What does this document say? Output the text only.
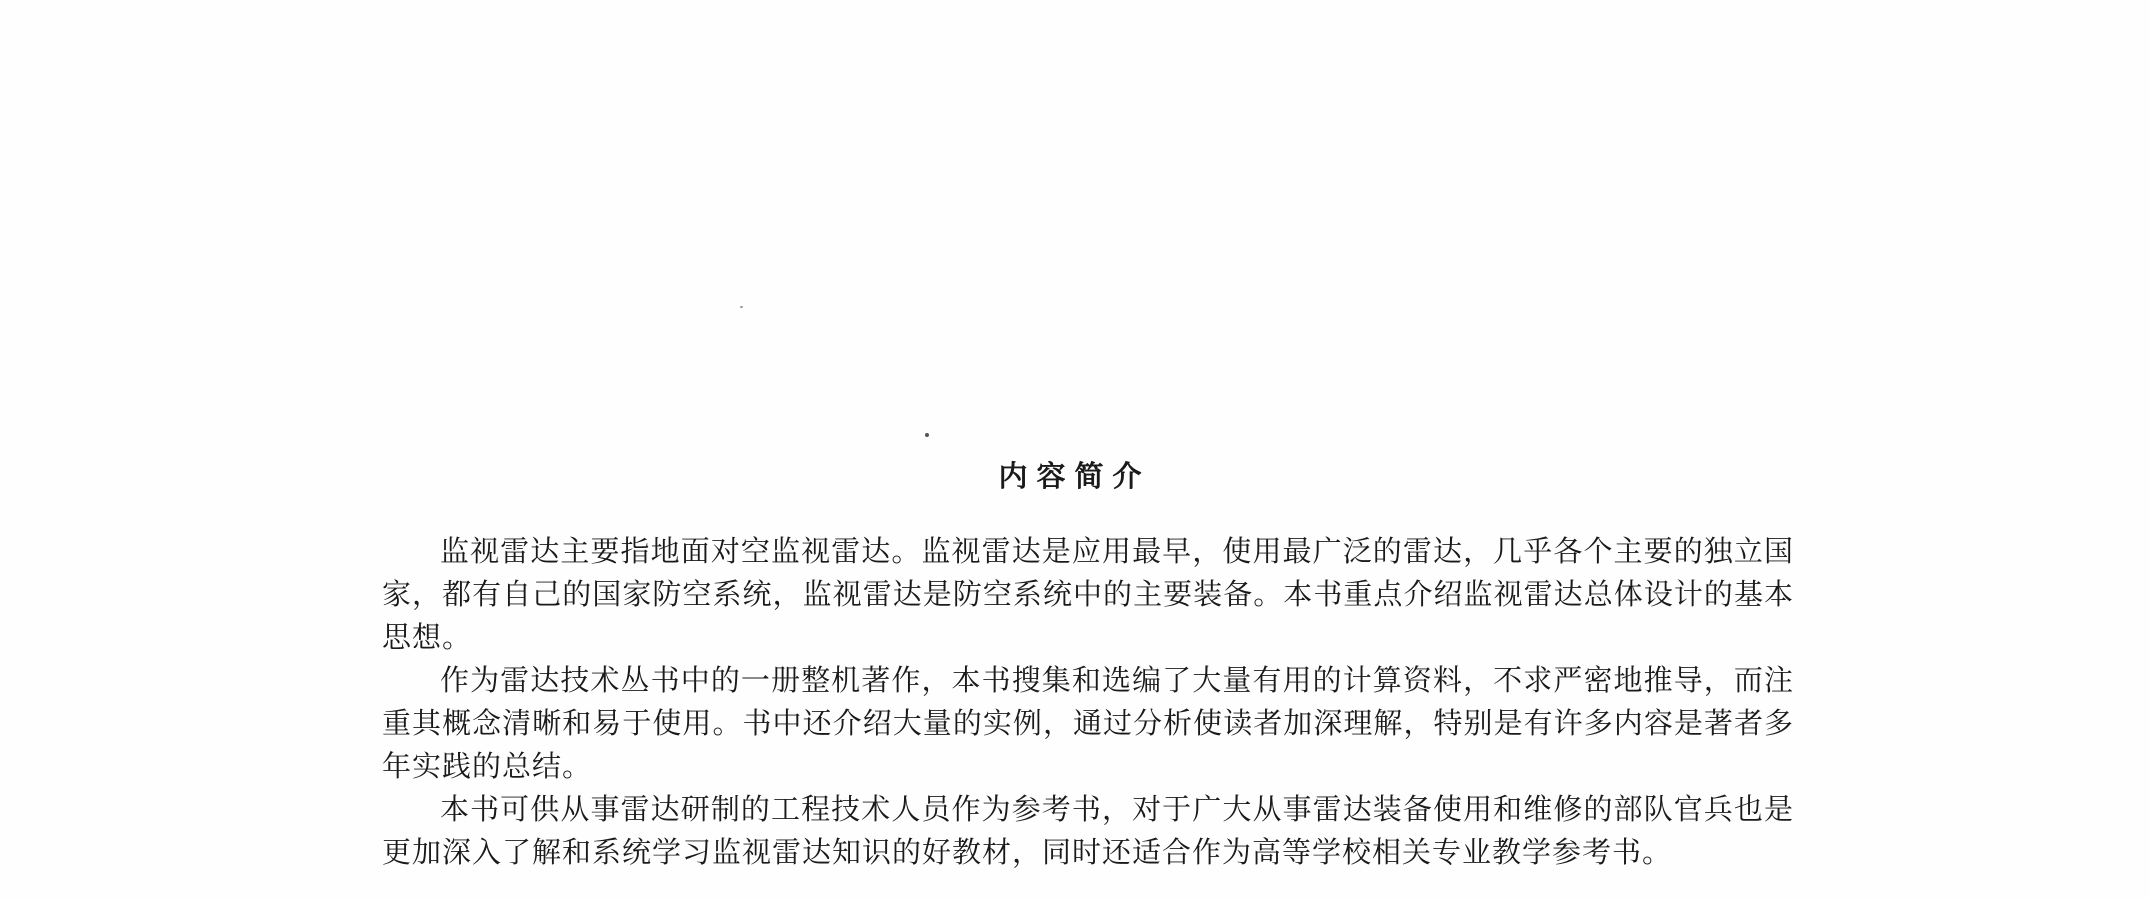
内容简介

监视雷达主要指地面对空监视雷达。监视雷达是应用最早，使用最广泛的雷达，几乎各个主要的独立国家，都有自己的国家防空系统，监视雷达是防空系统中的主要装备。本书重点介绍监视雷达总体设计的基本思想。

作为雷达技术丛书中的一册整机著作，本书搜集和选编了大量有用的计算资料，不求严密地推导，而注重其概念清晰和易于使用。书中还介绍大量的实例，通过分析使读者加深理解，特别是有许多内容是著者多年实践的总结。

本书可供从事雷达研制的工程技术人员作为参考书，对于广大从事雷达装备使用和维修的部队官兵也是更加深入了解和系统学习监视雷达知识的好教材，同时还适合作为高等学校相关专业教学参考书。
